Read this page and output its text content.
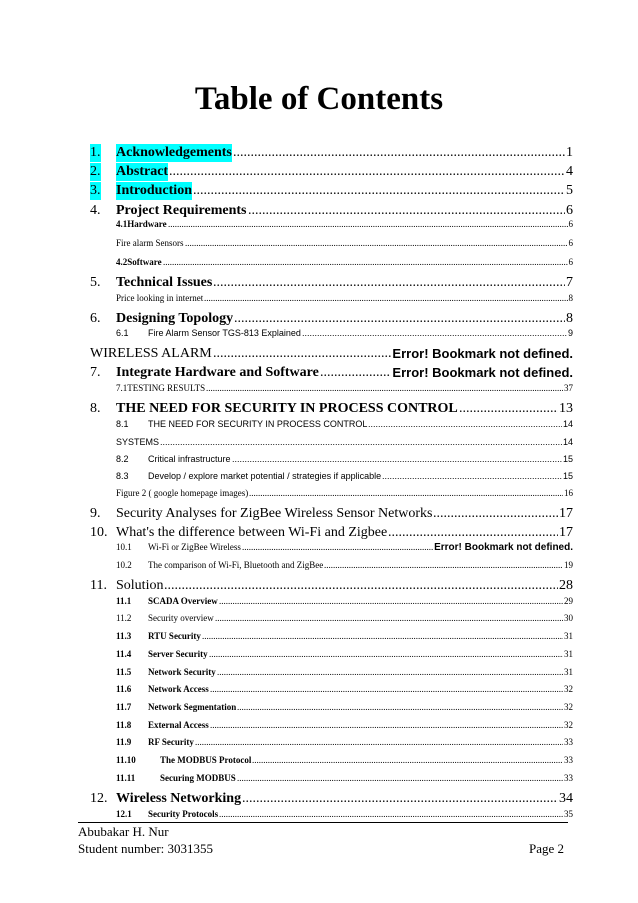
Table of Contents
1. Acknowledgements	1
.....
2. Abstract	4
.....
3. Introduction	5
.....
4. Project Requirements	6
.....
4.1Hardware	6
.....
Fire alarm Sensors	6
.....
4.2Software	6
.....
5. Technical Issues	7
.....
Price looking in internet	8
.....
6. Designing Topology	8
.....
6.1 Fire Alarm Sensor TGS-813 Explained	9
.....
WIRELESS ALARM	Error! Bookmark not defined.
.....
7. Integrate Hardware and Software	Error! Bookmark not defined.
.....
7.1TESTING RESULTS	37
.....
8. THE NEED FOR SECURITY IN PROCESS CONTROL	13
.....
8.1 THE NEED FOR SECURITY IN PROCESS CONTROL	14
.....
SYSTEMS	14
.....
8.2 Critical infrastructure	15
.....
8.3 Develop / explore market potential / strategies if applicable	15
.....
Figure 2 ( google homepage images)	16
.....
9. Security Analyses for ZigBee Wireless Sensor Networks	17
.....
10. What's the difference between Wi-Fi and Zigbee	17
.....
10.1 Wi-Fi or ZigBee Wireless	Error! Bookmark not defined.
.....
10.2 The comparison of Wi-Fi, Bluetooth and ZigBee	19
.....
11. Solution	28
.....
11.1 SCADA Overview	29
.....
11.2 Security overview	30
.....
11.3 RTU Security	31
.....
11.4 Server Security	31
.....
11.5 Network Security	31
.....
11.6 Network Access	32
.....
11.7 Network Segmentation	32
.....
11.8 External Access	32
.....
11.9 RF Security	33
.....
11.10	The MODBUS Protocol	33
.....
11.11	Securing MODBUS	33
.....
12. Wireless Networking	34
.....
12.1 Security Protocols	35
.....
Abubakar H. Nur
Student number: 3031355	Page 2
